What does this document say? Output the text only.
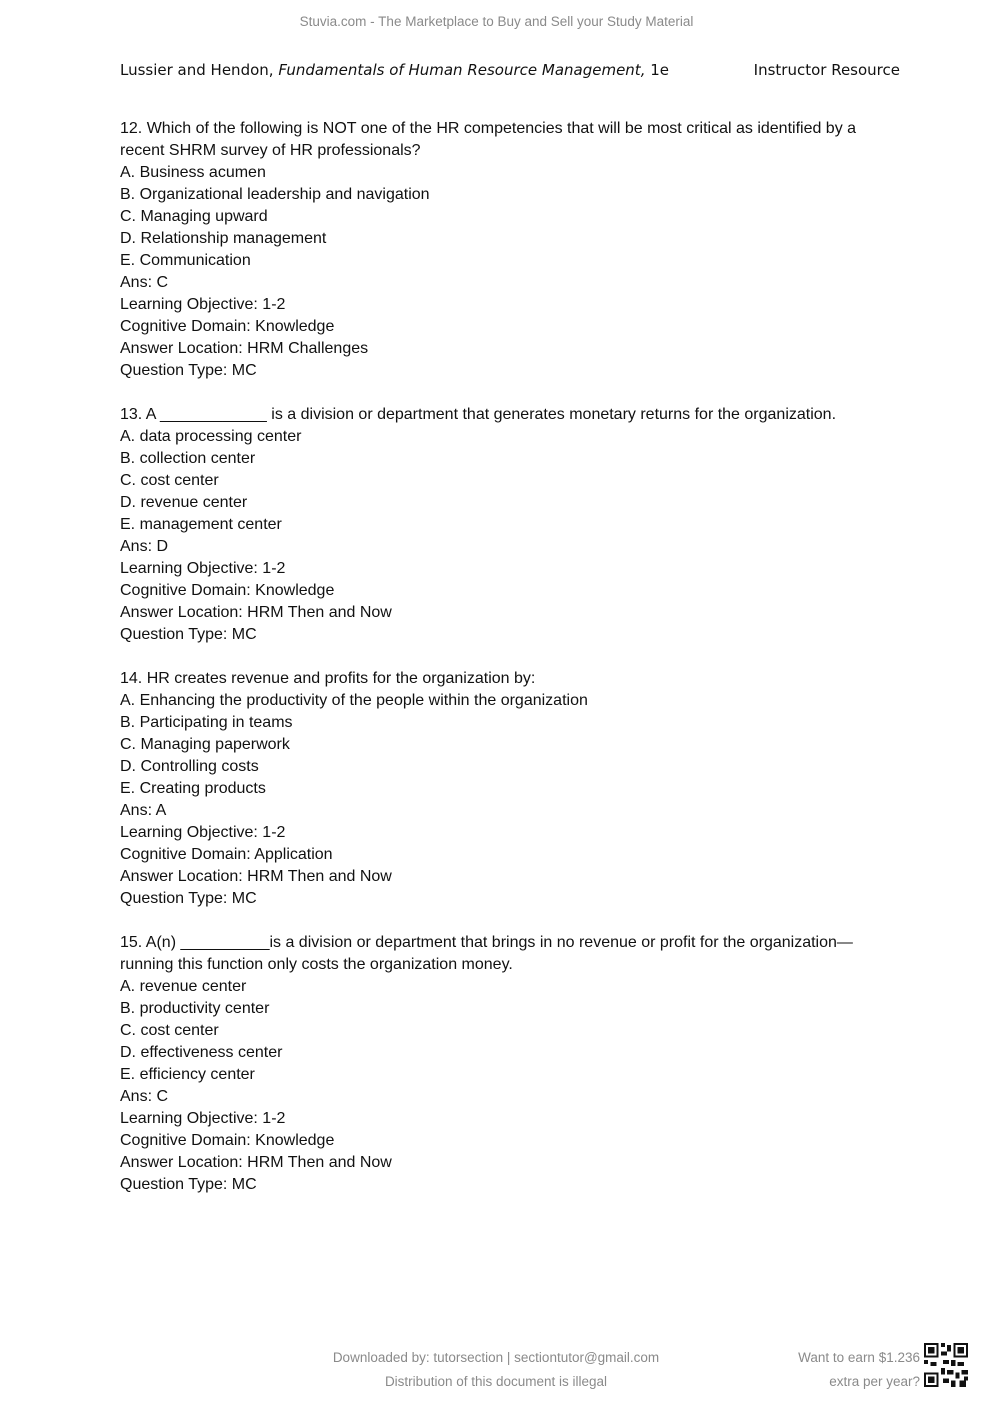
Stuvia.com - The Marketplace to Buy and Sell your Study Material
Lussier and Hendon, Fundamentals of Human Resource Management, 1e	Instructor Resource

12. Which of the following is NOT one of the HR competencies that will be most critical as identified by a recent SHRM survey of HR professionals?

A. Business acumen

B. Organizational leadership and navigation

C. Managing upward

D. Relationship management

E. Communication

Ans: C

Learning Objective: 1-2

Cognitive Domain: Knowledge

Answer Location: HRM Challenges

Question Type: MC

13. A ____________ is a division or department that generates monetary returns for the organization.

A. data processing center

B. collection center

C. cost center

D. revenue center

E. management center

Ans: D

Learning Objective: 1-2

Cognitive Domain: Knowledge

Answer Location: HRM Then and Now

Question Type: MC

14. HR creates revenue and profits for the organization by:

A. Enhancing the productivity of the people within the organization

B. Participating in teams

C. Managing paperwork

D. Controlling costs

E. Creating products

Ans: A

Learning Objective: 1-2

Cognitive Domain: Application

Answer Location: HRM Then and Now

Question Type: MC

15. A(n) __________is a division or department that brings in no revenue or profit for the organization—running this function only costs the organization money.

A. revenue center

B. productivity center

C. cost center

D. effectiveness center

E. efficiency center

Ans: C

Learning Objective: 1-2

Cognitive Domain: Knowledge

Answer Location: HRM Then and Now

Question Type: MC

Downloaded by: tutorsection | sectiontutor@gmail.com
Distribution of this document is illegal
Want to earn $1.236
extra per year?
